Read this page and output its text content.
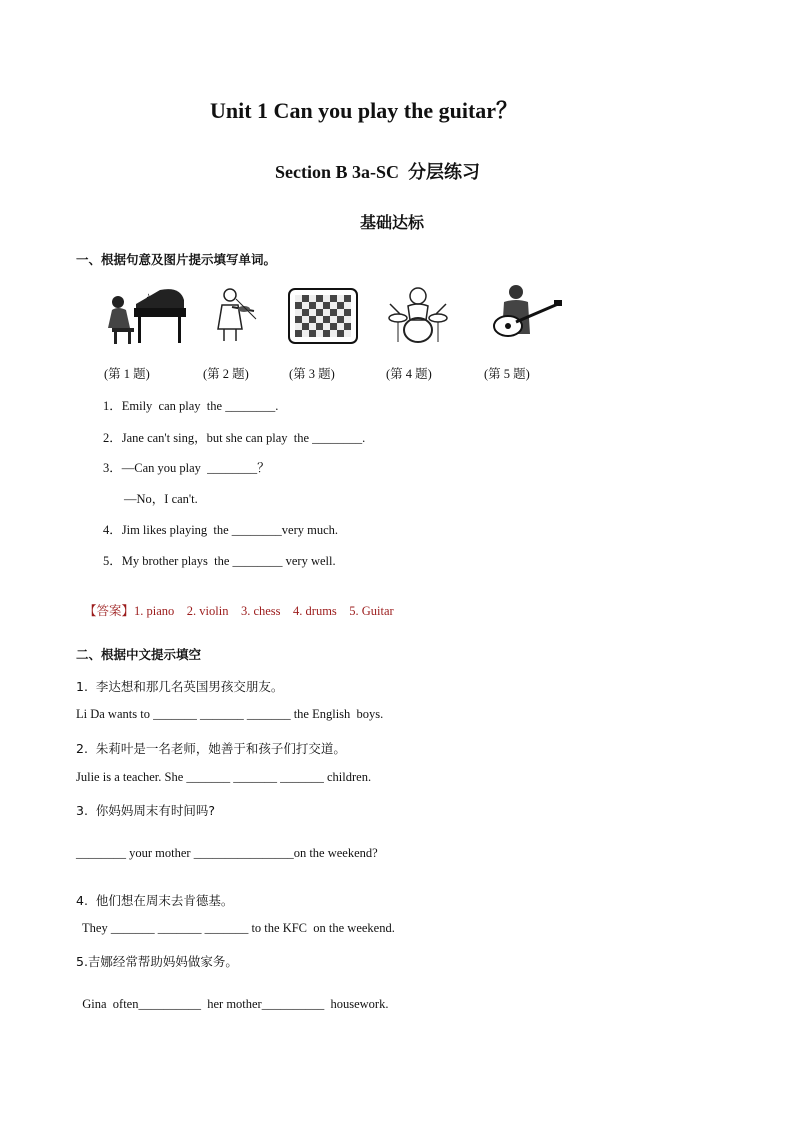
Unit 1 Can you play the guitar？
Section B 3a-SC  分层练习
基础达标
一、根据句意及图片提示填写单词。
♪
(第 1 题)	(第 2 题)	(第 3 题)	(第 4 题)	(第 5 题)
1．Emily  can play  the ________.
2．Jane can't sing，but she can play  the ________.
3．—Can you play  ________？
—No，I can't.
4．Jim likes playing  the ________very much.
5．My brother plays  the ________ very well.

【答案】1. piano    2. violin    3. chess    4. drums    5. Guitar

二、根据中文提示填空
1.  李达想和那几名英国男孩交朋友。
Li Da wants to _______ _______ _______ the English  boys.
2.  朱莉叶是一名老师，她善于和孩子们打交道。
Julie is a teacher. She _______ _______ _______ children.
3.  你妈妈周末有时间吗?
________ your mother ________________on the weekend?
4.  他们想在周末去肯德基。
They _______ _______ _______ to the KFC  on the weekend.
5.吉娜经常帮助妈妈做家务。
Gina  often__________  her mother__________  housework.
